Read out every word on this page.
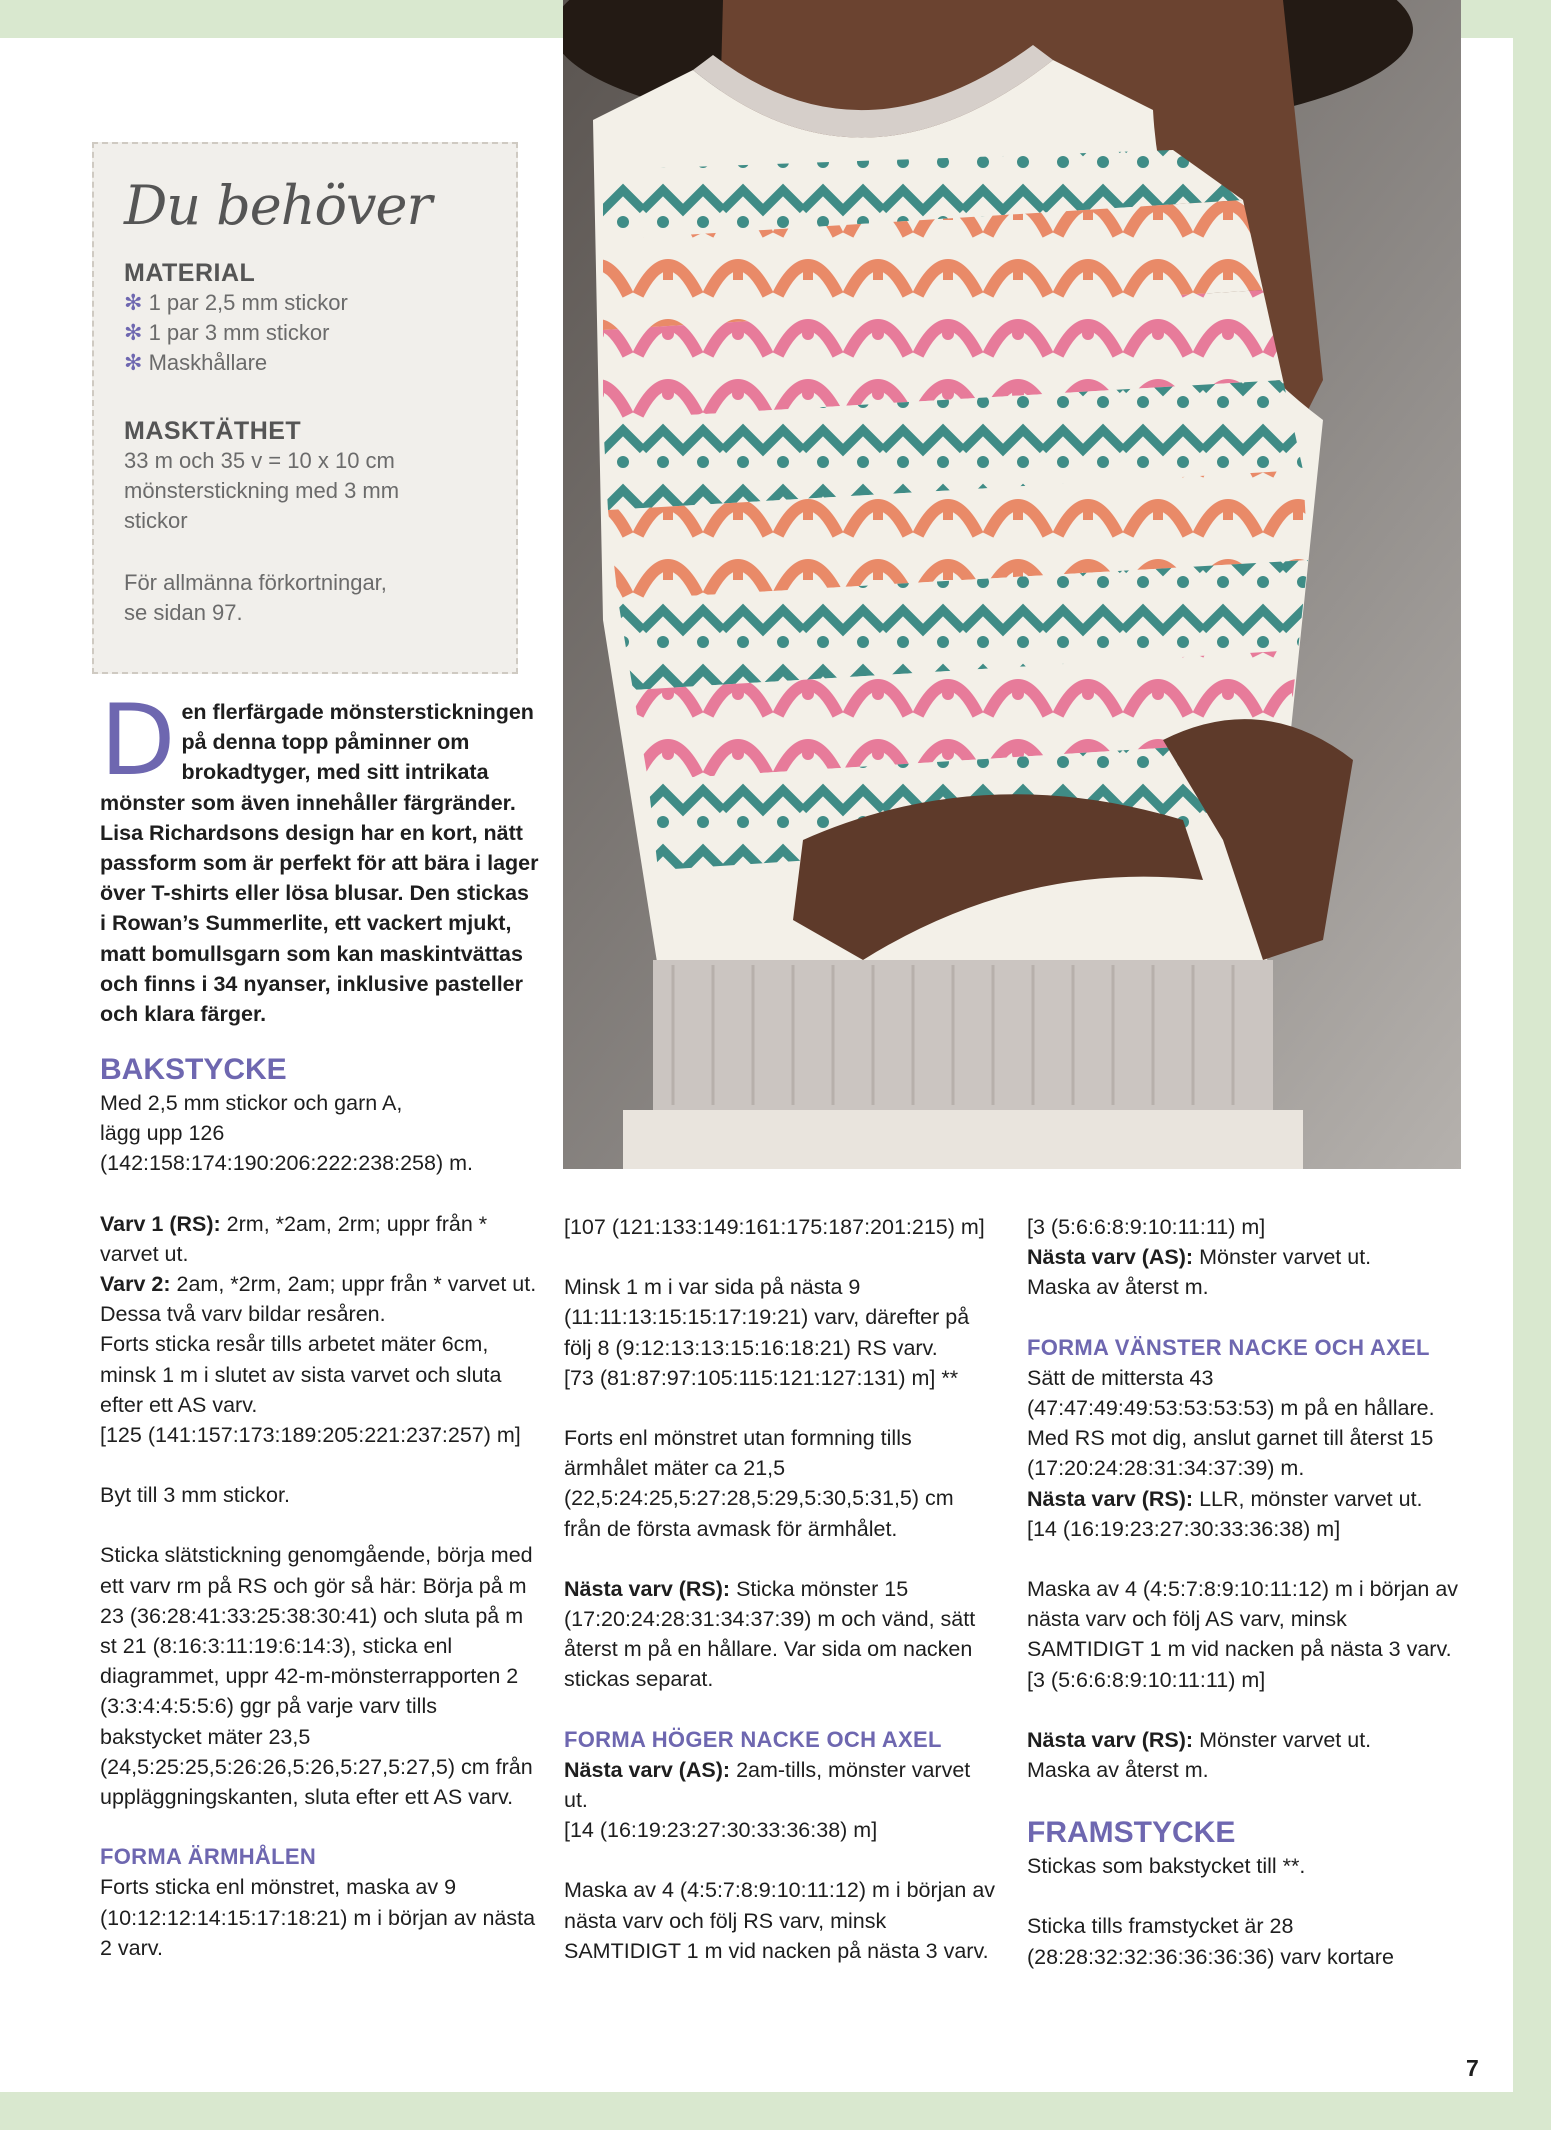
Du behöver
MATERIAL
✻ 1 par 2,5 mm stickor
✻ 1 par 3 mm stickor
✻ Maskhållare
MASKTÄTHET
33 m och 35 v = 10 x 10 cm
mönsterstickning med 3 mm
stickor
För allmänna förkortningar,
se sidan 97.
D en flerfärgade mönsterstickningen på denna topp påminner om brokadtyger, med sitt intrikata mönster som även innehåller färgränder. Lisa Richardsons design har en kort, nätt passform som är perfekt för att bära i lager över T-shirts eller lösa blusar. Den stickas i Rowan’s Summerlite, ett vackert mjukt, matt bomullsgarn som kan maskintvättas och finns i 34 nyanser, inklusive pasteller och klara färger.
BAKSTYCKE
Med 2,5 mm stickor och garn A,

lägg upp 126 (142:158:174:190:206:222:238:258) m.

Varv 1 (RS): 2rm, *2am, 2rm; uppr från * varvet ut.
Varv 2: 2am, *2rm, 2am; uppr från * varvet ut.
Dessa två varv bildar resåren.
Forts sticka resår tills arbetet mäter 6cm, minsk 1 m i slutet av sista varvet och sluta efter ett AS varv.

[125 (141:157:173:189:205:221:237:257) m]

Byt till 3 mm stickor.

Sticka slätstickning genomgående, börja med ett varv rm på RS och gör så här: Börja på m 23 (36:28:41:33:25:38:30:41) och sluta på m st 21 (8:16:3:11:19:6:14:3), sticka enl diagrammet, uppr 42-m-mönsterrapporten 2 (3:3:4:4:5:5:6) ggr på varje varv tills bakstycket mäter 23,5 (24,5:25:25,5:26:26,5:26,5:27,5:27,5) cm från uppläggningskanten, sluta efter ett AS varv.

FORMA ÄRMHÅLEN
Forts sticka enl mönstret, maska av 9 (10:12:12:14:15:17:18:21) m i början av nästa 2 varv.

[107 (121:133:149:161:175:187:201:215) m]

Minsk 1 m i var sida på nästa 9 (11:11:13:15:15:17:19:21) varv, därefter på följ 8 (9:12:13:13:15:16:18:21) RS varv.

[73 (81:87:97:105:115:121:127:131) m] **

Forts enl mönstret utan formning tills ärmhålet mäter ca 21,5 (22,5:24:25,5:27:28,5:29,5:30,5:31,5) cm från de första avmask för ärmhålet.

Nästa varv (RS): Sticka mönster 15 (17:20:24:28:31:34:37:39) m och vänd, sätt återst m på en hållare. Var sida om nacken stickas separat.

FORMA HÖGER NACKE OCH AXEL
Nästa varv (AS): 2am-tills, mönster varvet ut.

[14 (16:19:23:27:30:33:36:38) m]

Maska av 4 (4:5:7:8:9:10:11:12) m i början av nästa varv och följ RS varv, minsk SAMTIDIGT 1 m vid nacken på nästa 3 varv.
[3 (5:6:6:8:9:10:11:11) m]
Nästa varv (AS): Mönster varvet ut.

Maska av återst m.

FORMA VÄNSTER NACKE OCH AXEL
Sätt de mittersta 43 (47:47:49:49:53:53:53:53) m på en hållare. Med RS mot dig, anslut garnet till återst 15 (17:20:24:28:31:34:37:39) m.
Nästa varv (RS): LLR, mönster varvet ut.

[14 (16:19:23:27:30:33:36:38) m]

Maska av 4 (4:5:7:8:9:10:11:12) m i början av nästa varv och följ AS varv, minsk SAMTIDIGT 1 m vid nacken på nästa 3 varv.

[3 (5:6:6:8:9:10:11:11) m]

Nästa varv (RS): Mönster varvet ut.

Maska av återst m.

FRAMSTYCKE

Stickas som bakstycket till **.

Sticka tills framstycket är 28 (28:28:32:32:36:36:36:36) varv kortare
7
